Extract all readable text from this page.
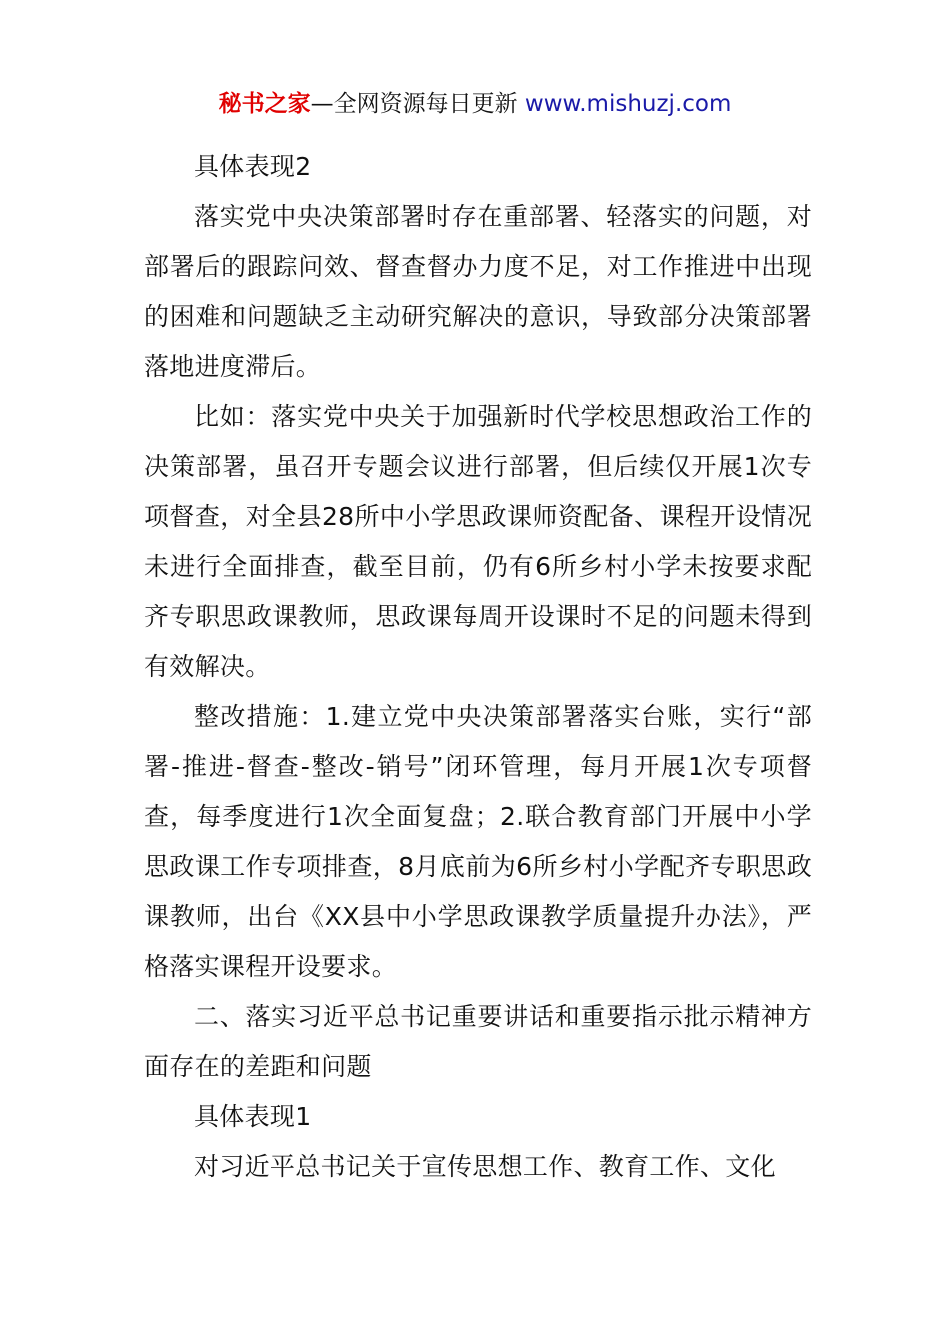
秘书之家—全网资源每日更新 www.mishuzj.com

具体表现2

落实党中央决策部署时存在重部署、轻落实的问题，对部署后的跟踪问效、督查督办力度不足，对工作推进中出现的困难和问题缺乏主动研究解决的意识，导致部分决策部署落地进度滞后。

比如：落实党中央关于加强新时代学校思想政治工作的决策部署，虽召开专题会议进行部署，但后续仅开展1次专项督查，对全县28所中小学思政课师资配备、课程开设情况未进行全面排查，截至目前，仍有6所乡村小学未按要求配齐专职思政课教师，思政课每周开设课时不足的问题未得到有效解决。

整改措施：1.建立党中央决策部署落实台账，实行“部署-推进-督查-整改-销号”闭环管理，每月开展1次专项督查，每季度进行1次全面复盘；2.联合教育部门开展中小学思政课工作专项排查，8月底前为6所乡村小学配齐专职思政课教师，出台《XX县中小学思政课教学质量提升办法》，严格落实课程开设要求。

二、落实习近平总书记重要讲话和重要指示批示精神方面存在的差距和问题

具体表现1

对习近平总书记关于宣传思想工作、教育工作、文化
